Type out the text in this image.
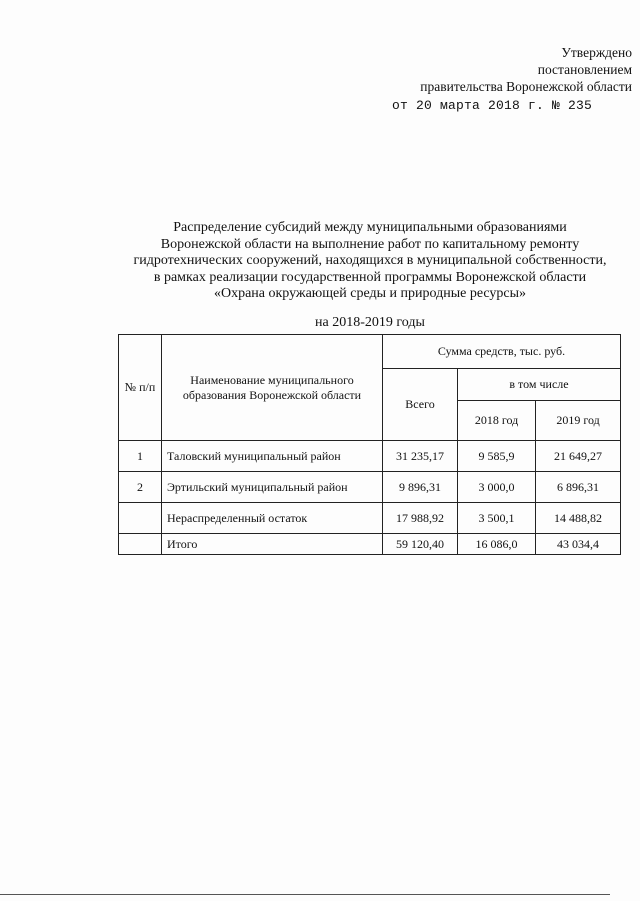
Утверждено
постановлением
правительства Воронежской области
от 20 марта 2018 г. № 235
Распределение субсидий между муниципальными образованиями
Воронежской области на выполнение работ по капитальному ремонту
гидротехнических сооружений, находящихся в муниципальной собственности,
в рамках реализации государственной программы Воронежской области
«Охрана окружающей среды и природные ресурсы»
на 2018-2019 годы
№ п/п	Наименование муниципального образования Воронежской области	Сумма средств, тыс. руб.		
		Всего	в том числе	
			2018 год	2019 год
1	Таловский муниципальный район	31 235,17	9 585,9	21 649,27
2	Эртильский муниципальный район	9 896,31	3 000,0	6 896,31
	Нераспределенный остаток	17 988,92	3 500,1	14 488,82
	Итого	59 120,40	16 086,0	43 034,4
